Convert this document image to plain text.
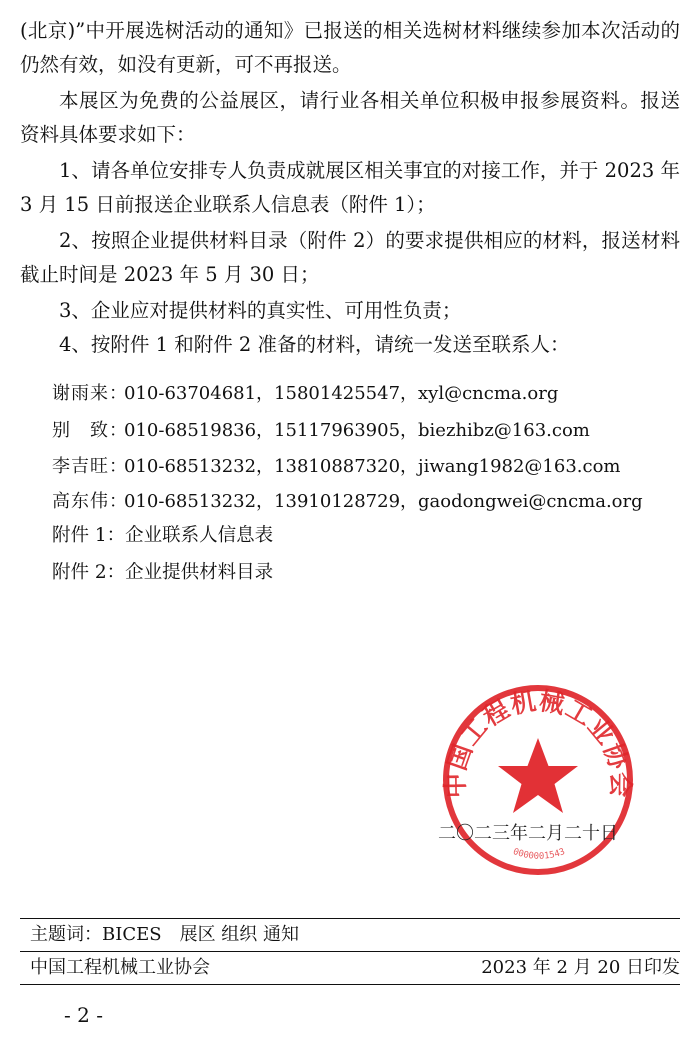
(北京)”中开展选树活动的通知》已报送的相关选树材料继续参加本次活动的仍然有效，如没有更新，可不再报送。

本展区为免费的公益展区，请行业各相关单位积极申报参展资料。报送资料具体要求如下：

1、请各单位安排专人负责成就展区相关事宜的对接工作，并于 2023 年 3 月 15 日前报送企业联系人信息表（附件 1）；

2、按照企业提供材料目录（附件 2）的要求提供相应的材料，报送材料截止时间是 2023 年 5 月 30 日；

3、企业应对提供材料的真实性、可用性负责；

4、按附件 1 和附件 2 准备的材料，请统一发送至联系人：

谢雨来：010-63704681，15801425547，xyl@cncma.org
别　致：010-68519836，15117963905，biezhibz@163.com
李吉旺：010-68513232，13810887320，jiwang1982@163.com
高东伟：010-68513232，13910128729，gaodongwei@cncma.org
附件 1：企业联系人信息表
附件 2：企业提供材料目录
中国工程机械工业协会
0000001543
二〇二三年二月二十日
主题词：BICES　展区 组织 通知
中国工程机械工业协会	2023 年 2 月 20 日印发
- 2 -
